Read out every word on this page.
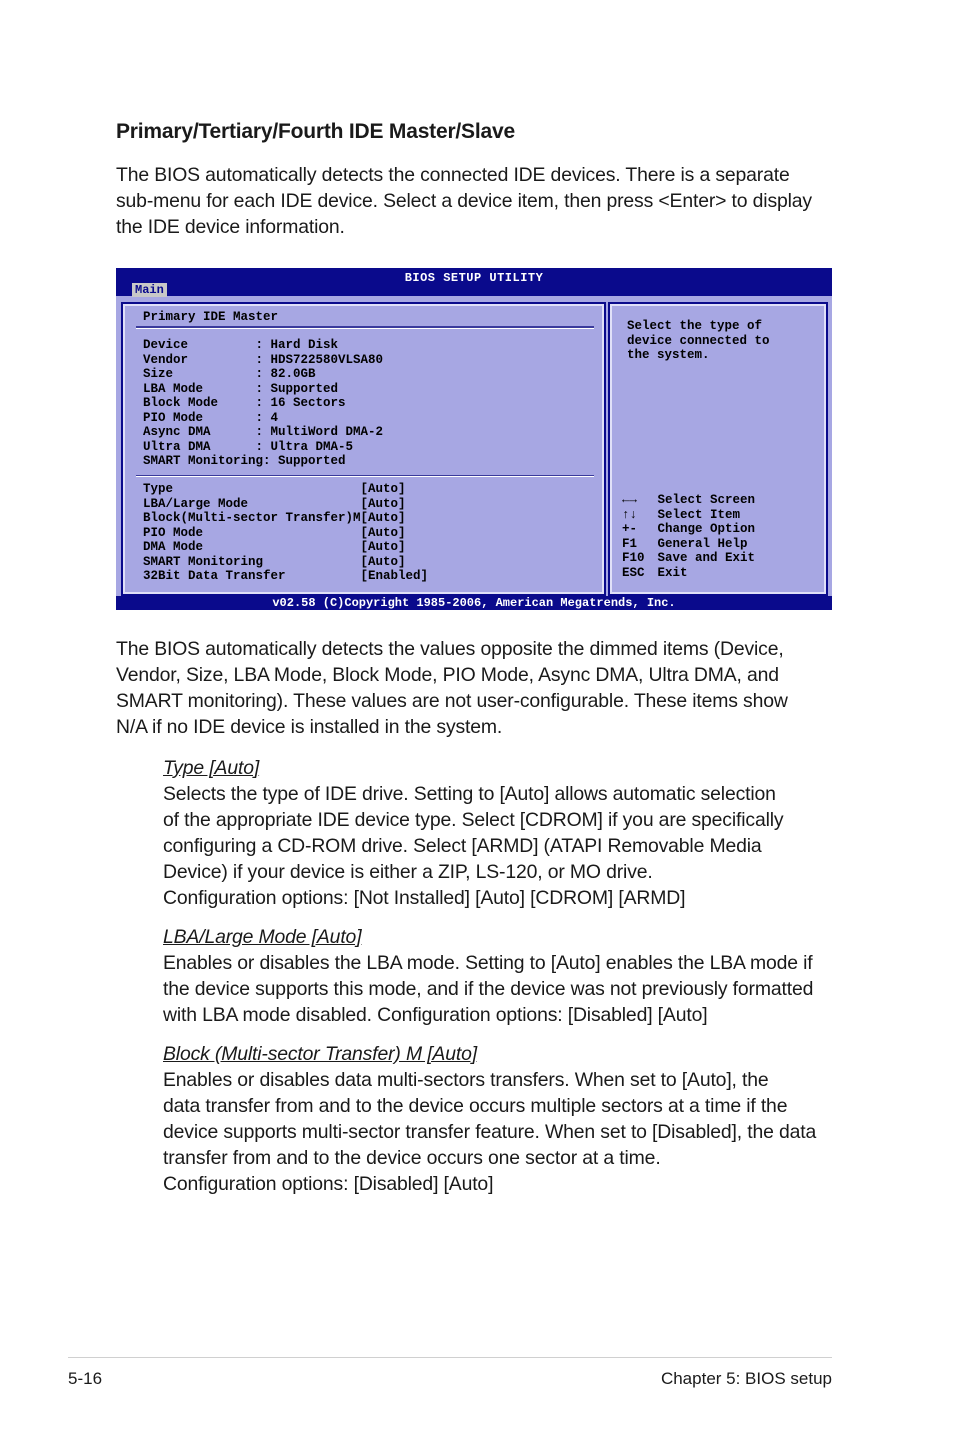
Primary/Tertiary/Fourth IDE Master/Slave

The BIOS automatically detects the connected IDE devices. There is a separate
sub-menu for each IDE device. Select a device item, then press <Enter> to display
the IDE device information.

BIOS SETUP UTILITY
Main
Primary IDE Master
Device         : Hard Disk
Vendor         : HDS722580VLSA80
Size           : 82.0GB
LBA Mode       : Supported
Block Mode     : 16 Sectors
PIO Mode       : 4
Async DMA      : MultiWord DMA-2
Ultra DMA      : Ultra DMA-5
SMART Monitoring: Supported
Type                         [Auto]
LBA/Large Mode               [Auto]
Block(Multi-sector Transfer)M[Auto]
PIO Mode                     [Auto]
DMA Mode                     [Auto]
SMART Monitoring             [Auto]
32Bit Data Transfer          [Enabled]
Select the type of
device connected to
the system.
←→ Select Screen
↑↓ Select Item
+- Change Option
F1 General Help
F10 Save and Exit
ESC Exit
v02.58 (C)Copyright 1985-2006, American Megatrends, Inc.

The BIOS automatically detects the values opposite the dimmed items (Device,
Vendor, Size, LBA Mode, Block Mode, PIO Mode, Async DMA, Ultra DMA, and
SMART monitoring). These values are not user-configurable. These items show
N/A if no IDE device is installed in the system.

Type [Auto]
Selects the type of IDE drive. Setting to [Auto] allows automatic selection
of the appropriate IDE device type. Select [CDROM] if you are specifically
configuring a CD-ROM drive. Select [ARMD] (ATAPI Removable Media
Device) if your device is either a ZIP, LS-120, or MO drive.
Configuration options: [Not Installed] [Auto] [CDROM] [ARMD]
LBA/Large Mode [Auto]
Enables or disables the LBA mode. Setting to [Auto] enables the LBA mode if
the device supports this mode, and if the device was not previously formatted
with LBA mode disabled. Configuration options: [Disabled] [Auto]
Block (Multi-sector Transfer) M [Auto]
Enables or disables data multi-sectors transfers. When set to [Auto], the
data transfer from and to the device occurs multiple sectors at a time if the
device supports multi-sector transfer feature. When set to [Disabled], the data
transfer from and to the device occurs one sector at a time.
Configuration options: [Disabled] [Auto]
5-16	Chapter 5: BIOS setup
